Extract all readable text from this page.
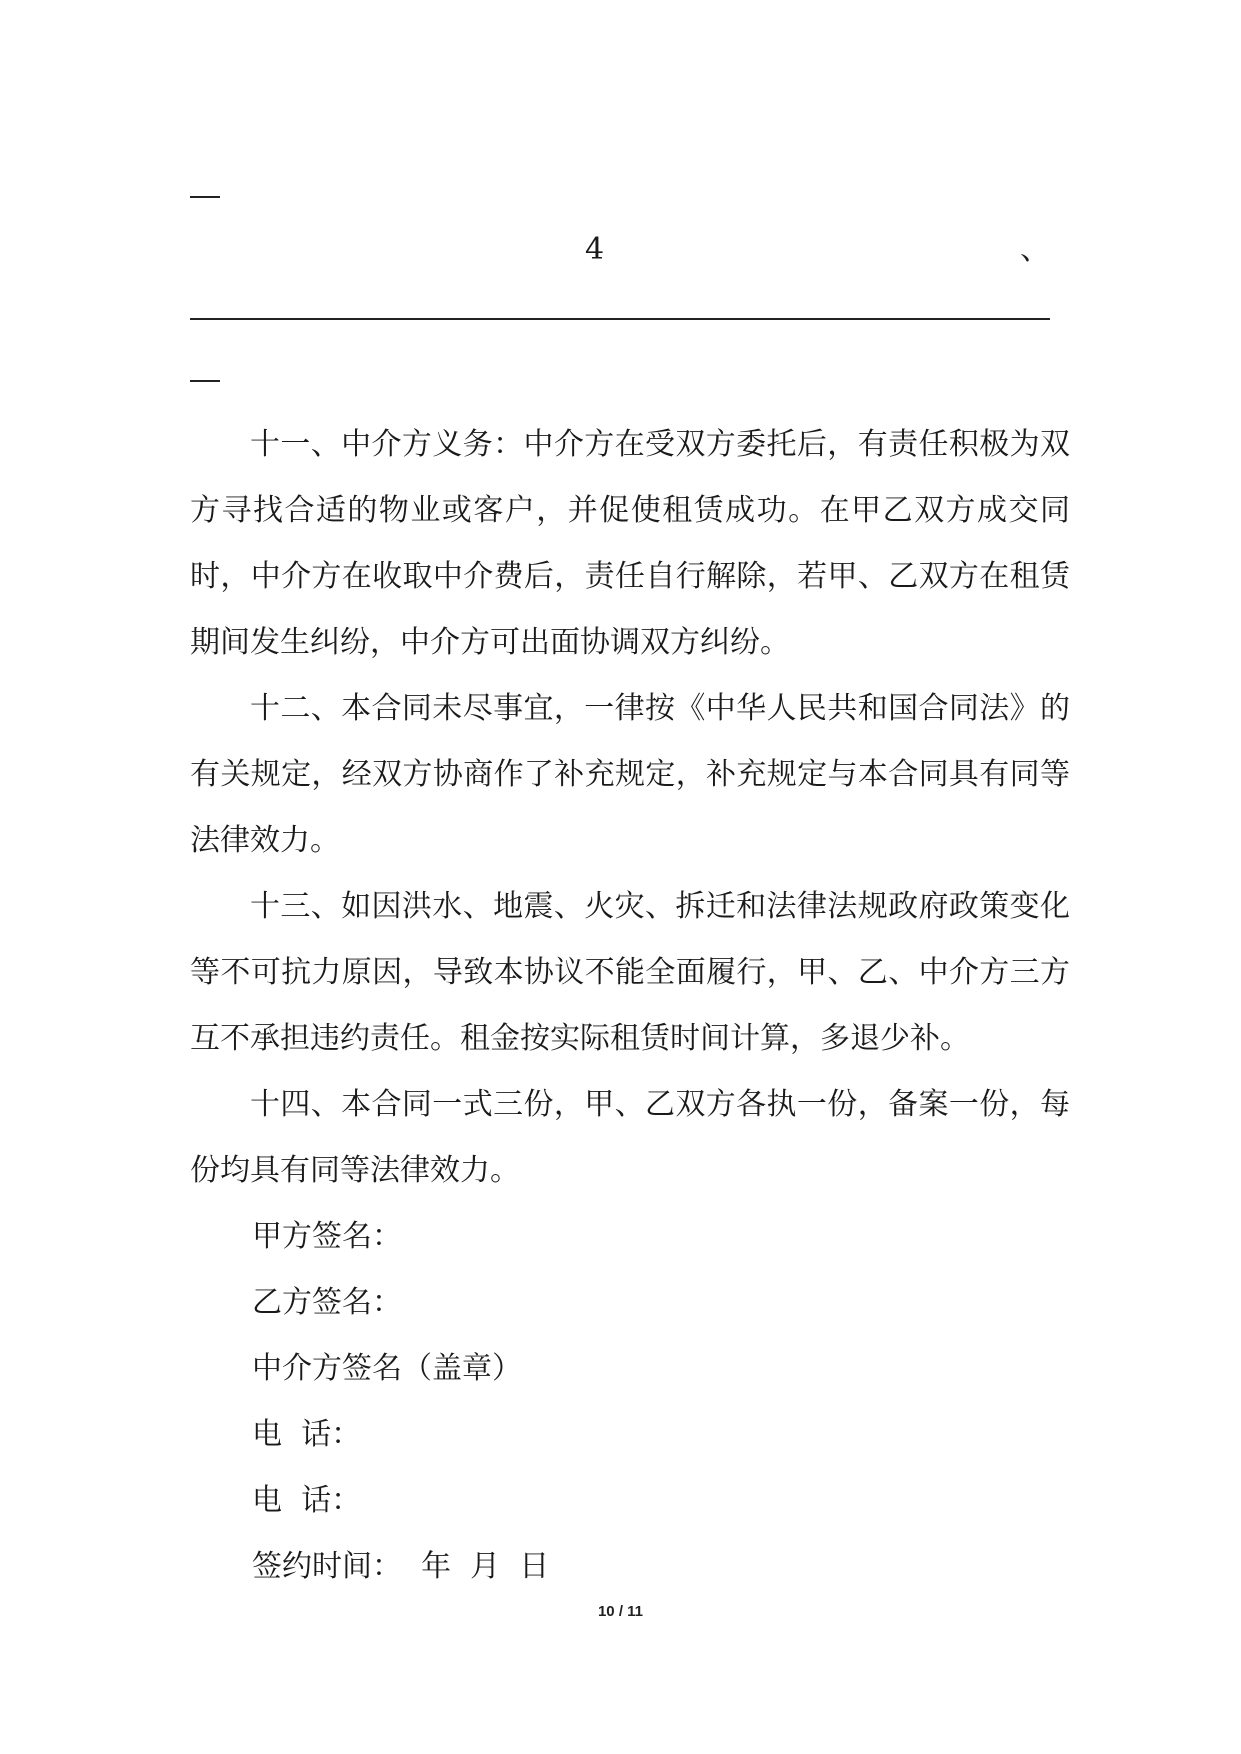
4	、

十一、中介方义务：中介方在受双方委托后，有责任积极为双方寻找合适的物业或客户，并促使租赁成功。在甲乙双方成交同时，中介方在收取中介费后，责任自行解除，若甲、乙双方在租赁期间发生纠纷，中介方可出面协调双方纠纷。

十二、本合同未尽事宜，一律按《中华人民共和国合同法》的有关规定，经双方协商作了补充规定，补充规定与本合同具有同等法律效力。

十三、如因洪水、地震、火灾、拆迁和法律法规政府政策变化等不可抗力原因，导致本协议不能全面履行，甲、乙、中介方三方互不承担违约责任。租金按实际租赁时间计算，多退少补。

十四、本合同一式三份，甲、乙双方各执一份，备案一份，每份均具有同等法律效力。

甲方签名：

乙方签名：

中介方签名（盖章）

电  话：

电  话：

签约时间：  年  月  日

10 / 11
